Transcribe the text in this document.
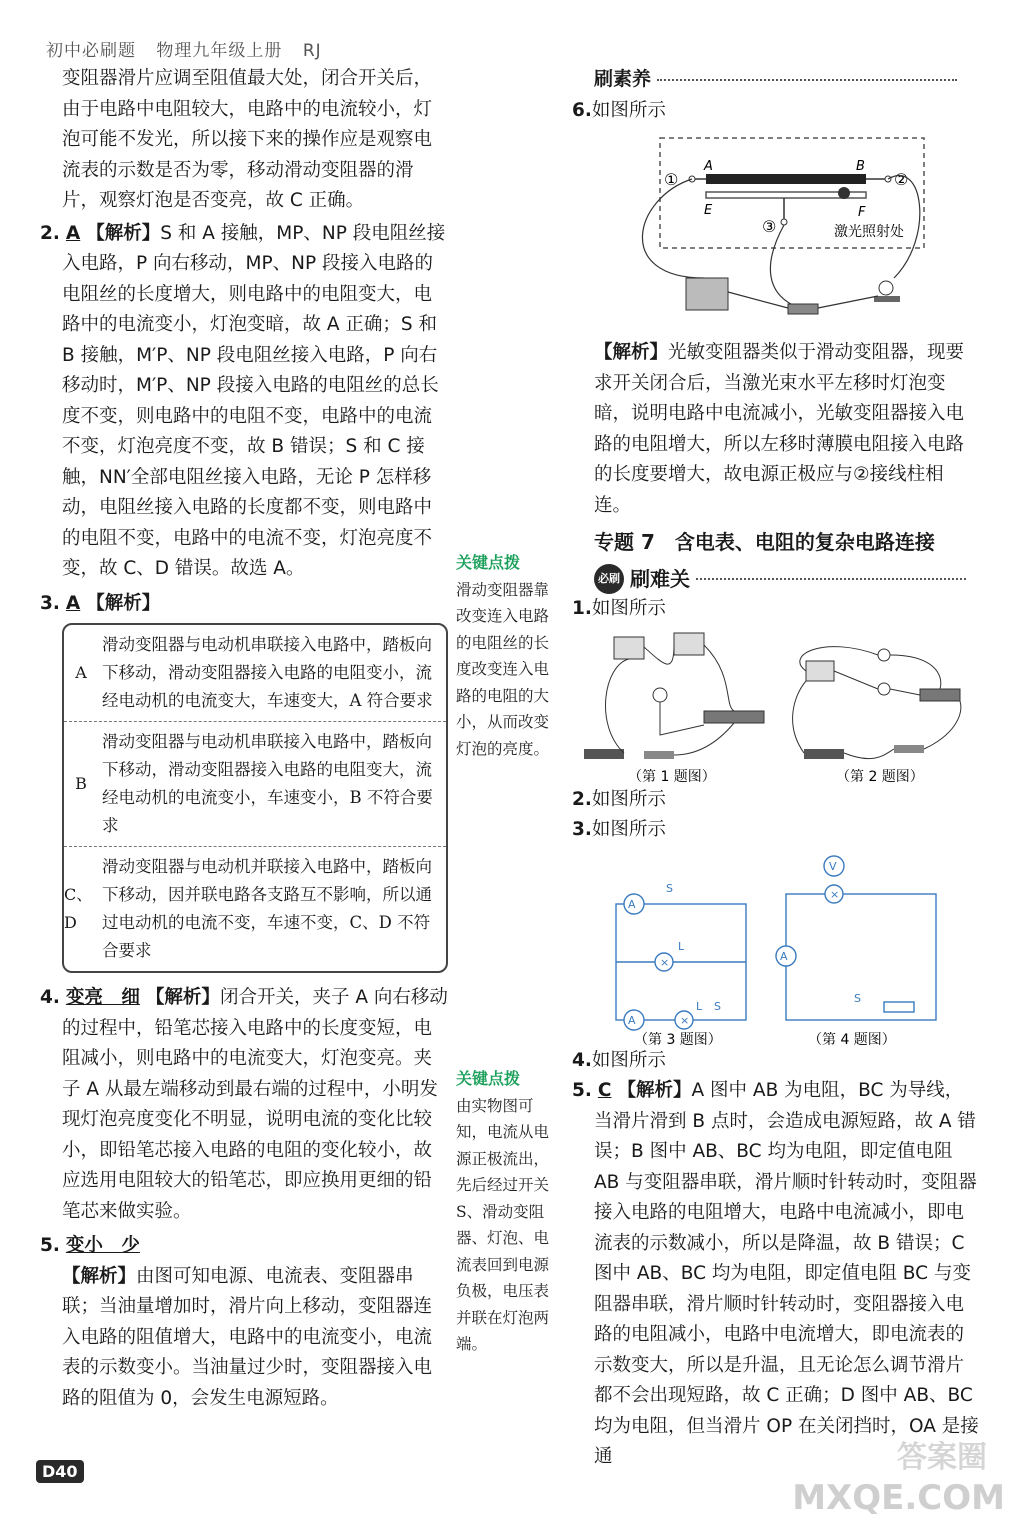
初中必刷题 物理九年级上册 RJ

变阻器滑片应调至阻值最大处，闭合开关后，由于电路中电阻较大，电路中的电流较小，灯泡可能不发光，所以接下来的操作应是观察电流表的示数是否为零，移动滑动变阻器的滑片，观察灯泡是否变亮，故 C 正确。

2. A 【解析】S 和 A 接触，MP、NP 段电阻丝接入电路，P 向右移动，MP、NP 段接入电路的电阻丝的长度增大，则电路中的电阻变大，电路中的电流变小，灯泡变暗，故 A 正确；S 和 B 接触，M′P、NP 段电阻丝接入电路，P 向右移动时，M′P、NP 段接入电路的电阻丝的总长度不变，则电路中的电阻不变，电路中的电流不变，灯泡亮度不变，故 B 错误；S 和 C 接触，NN′全部电阻丝接入电路，无论 P 怎样移动，电阻丝接入电路的长度都不变，则电路中的电阻不变，电路中的电流不变，灯泡亮度不变，故 C、D 错误。故选 A。

3. A 【解析】

A
滑动变阻器与电动机串联接入电路中，踏板向下移动，滑动变阻器接入电路的电阻变小，流经电动机的电流变大，车速变大，A 符合要求
B
滑动变阻器与电动机串联接入电路中，踏板向下移动，滑动变阻器接入电路的电阻变大，流经电动机的电流变小，车速变小，B 不符合要求
C、D
滑动变阻器与电动机并联接入电路中，踏板向下移动，因并联电路各支路互不影响，所以通过电动机的电流不变，车速不变，C、D 不符合要求

4. 变亮　细 【解析】闭合开关，夹子 A 向右移动的过程中，铅笔芯接入电路中的长度变短，电阻减小，则电路中的电流变大，灯泡变亮。夹子 A 从最左端移动到最右端的过程中，小明发现灯泡亮度变化不明显，说明电流的变化比较小，即铅笔芯接入电路的电阻的变化较小，故应选用电阻较大的铅笔芯，即应换用更细的铅笔芯来做实验。

5. 变小　少
【解析】由图可知电源、电流表、变阻器串联；当油量增加时，滑片向上移动，变阻器连入电路的阻值增大，电路中的电流变小，电流表的示数变小。当油量过少时，变阻器接入电路的阻值为 0，会发生电源短路。

关键点拨
滑动变阻器靠改变连入电路的电阻丝的长度改变连入电路的电阻的大小，从而改变灯泡的亮度。
关键点拨
由实物图可知，电流从电源正极流出，先后经过开关 S、滑动变阻器、灯泡、电流表回到电源负极，电压表并联在灯泡两端。
刷素养
6.如图所示
A	B
E	F
①	②
③	激光照射处

【解析】光敏变阻器类似于滑动变阻器，现要求开关闭合后，当激光束水平左移时灯泡变暗，说明电路中电流减小，光敏变阻器接入电路的电阻增大，所以左移时薄膜电阻接入电路的长度要增大，故电源正极应与②接线柱相连。

专题 7　含电表、电阻的复杂电路连接
必刷 刷难关
1.如图所示
（第 1 题图）	（第 2 题图）
2.如图所示
3.如图所示
A
A
A
V
×
×
×
S
L
L S
S
（第 3 题图）	（第 4 题图）
4.如图所示

5. C 【解析】A 图中 AB 为电阻，BC 为导线，当滑片滑到 B 点时，会造成电源短路，故 A 错误；B 图中 AB、BC 均为电阻，即定值电阻 AB 与变阻器串联，滑片顺时针转动时，变阻器接入电路的电阻增大，电路中电流减小，即电流表的示数减小，所以是降温，故 B 错误；C 图中 AB、BC 均为电阻，即定值电阻 BC 与变阻器串联，滑片顺时针转动时，变阻器接入电路的电阻减小，电路中电流增大，即电流表的示数变大，所以是升温，且无论怎么调节滑片都不会出现短路，故 C 正确；D 图中 AB、BC 均为电阻，但当滑片 OP 在关闭挡时，OA 是接通

D40	答案圈
MXQE.COM
